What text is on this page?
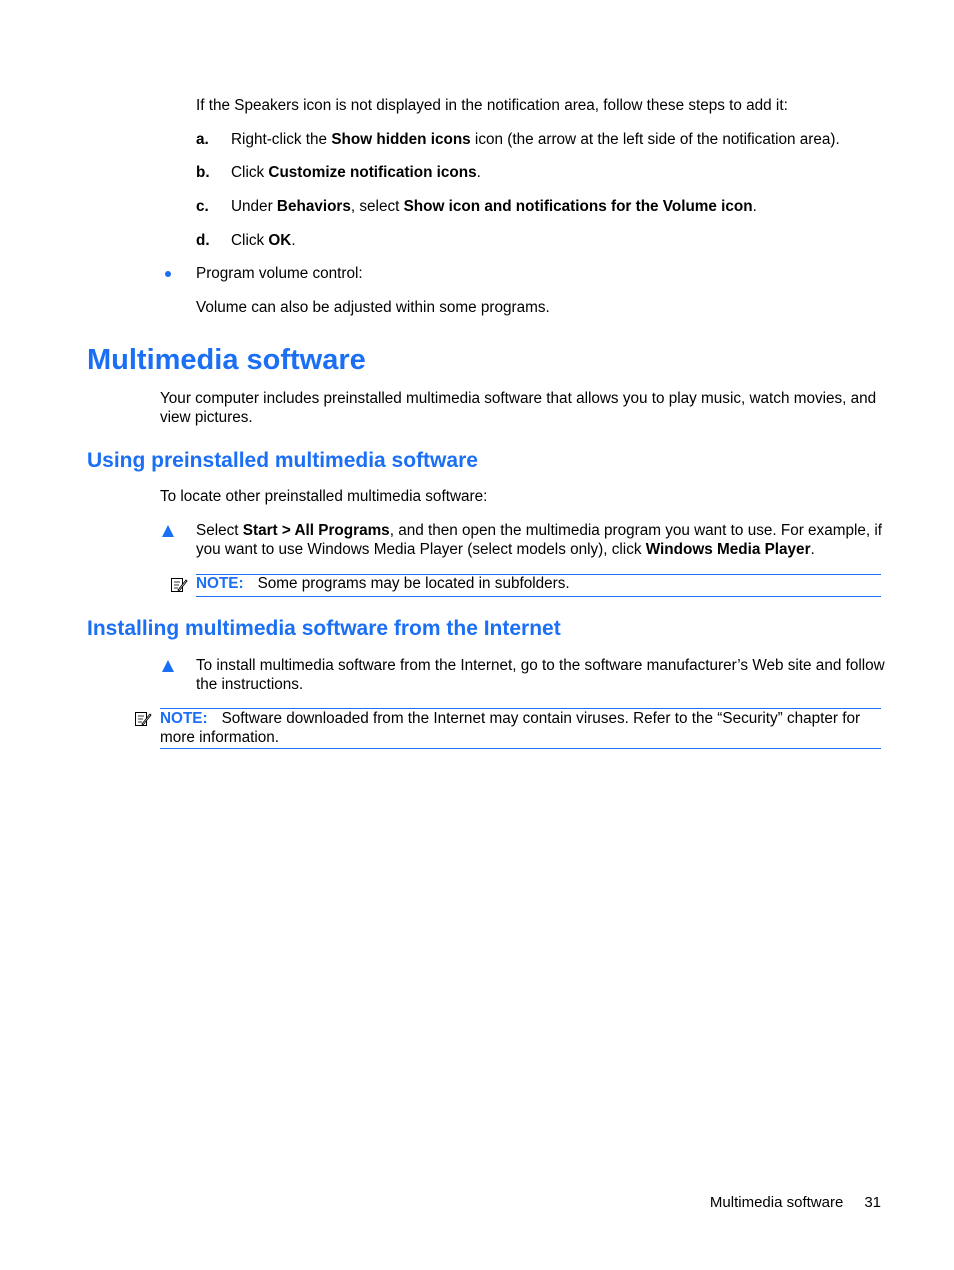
If the Speakers icon is not displayed in the notification area, follow these steps to add it:
a. Right-click the Show hidden icons icon (the arrow at the left side of the notification area).
b. Click Customize notification icons.
c. Under Behaviors, select Show icon and notifications for the Volume icon.
d. Click OK.
Program volume control:
Volume can also be adjusted within some programs.
Multimedia software
Your computer includes preinstalled multimedia software that allows you to play music, watch movies, and view pictures.
Using preinstalled multimedia software
To locate other preinstalled multimedia software:
Select Start > All Programs, and then open the multimedia program you want to use. For example, if you want to use Windows Media Player (select models only), click Windows Media Player.
NOTE: Some programs may be located in subfolders.
Installing multimedia software from the Internet
To install multimedia software from the Internet, go to the software manufacturer’s Web site and follow the instructions.
NOTE: Software downloaded from the Internet may contain viruses. Refer to the “Security” chapter for more information.
Multimedia software 31
